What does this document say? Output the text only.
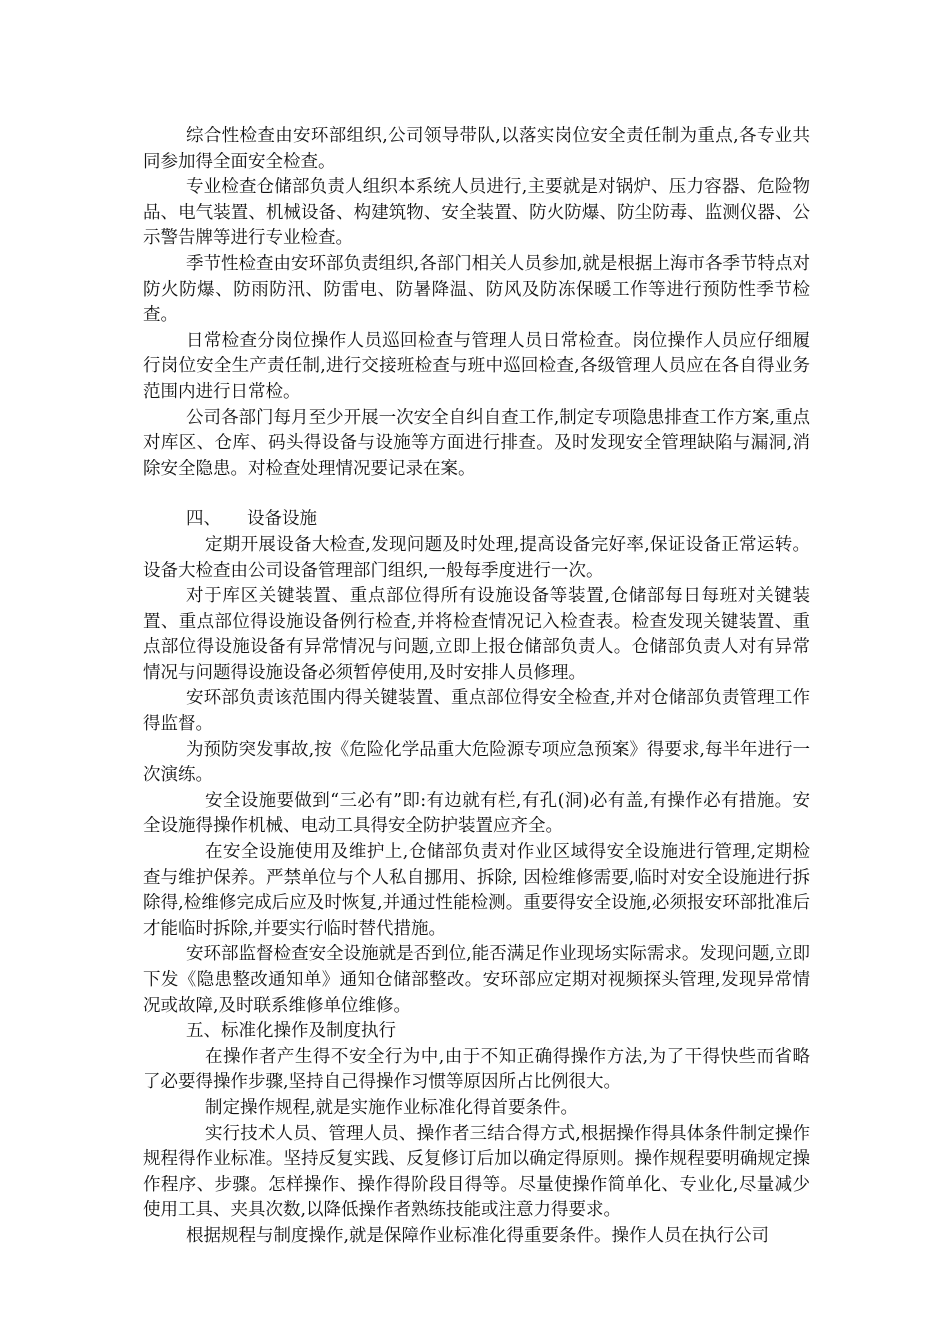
综合性检查由安环部组织,公司领导带队,以落实岗位安全责任制为重点,各专业共同参加得全面安全检查。

专业检查仓储部负责人组织本系统人员进行,主要就是对锅炉、压力容器、危险物品、电气装置、机械设备、构建筑物、安全装置、防火防爆、防尘防毒、监测仪器、公示警告牌等进行专业检查。

季节性检查由安环部负责组织,各部门相关人员参加,就是根据上海市各季节特点对防火防爆、防雨防汛、防雷电、防暑降温、防风及防冻保暖工作等进行预防性季节检查。

日常检查分岗位操作人员巡回检查与管理人员日常检查。岗位操作人员应仔细履行岗位安全生产责任制,进行交接班检查与班中巡回检查,各级管理人员应在各自得业务范围内进行日常检。

公司各部门每月至少开展一次安全自纠自查工作,制定专项隐患排查工作方案,重点对库区、仓库、码头得设备与设施等方面进行排查。及时发现安全管理缺陷与漏洞,消除安全隐患。对检查处理情况要记录在案。

四、 设备设施

定期开展设备大检查,发现问题及时处理,提高设备完好率,保证设备正常运转。设备大检查由公司设备管理部门组织,一般每季度进行一次。

对于库区关键装置、重点部位得所有设施设备等装置,仓储部每日每班对关键装置、重点部位得设施设备例行检查,并将检查情况记入检查表。检查发现关键装置、重点部位得设施设备有异常情况与问题,立即上报仓储部负责人。仓储部负责人对有异常情况与问题得设施设备必须暂停使用,及时安排人员修理。

安环部负责该范围内得关键装置、重点部位得安全检查,并对仓储部负责管理工作得监督。

为预防突发事故,按《危险化学品重大危险源专项应急预案》得要求,每半年进行一次演练。

安全设施要做到“三必有”即:有边就有栏,有孔(洞)必有盖,有操作必有措施。安全设施得操作机械、电动工具得安全防护装置应齐全。

在安全设施使用及维护上,仓储部负责对作业区域得安全设施进行管理,定期检查与维护保养。严禁单位与个人私自挪用、拆除, 因检维修需要,临时对安全设施进行拆除得,检维修完成后应及时恢复,并通过性能检测。重要得安全设施,必须报安环部批准后才能临时拆除,并要实行临时替代措施。

安环部监督检查安全设施就是否到位,能否满足作业现场实际需求。发现问题,立即下发《隐患整改通知单》通知仓储部整改。安环部应定期对视频探头管理,发现异常情况或故障,及时联系维修单位维修。

五、标准化操作及制度执行

在操作者产生得不安全行为中,由于不知正确得操作方法,为了干得快些而省略了必要得操作步骤,坚持自己得操作习惯等原因所占比例很大。

制定操作规程,就是实施作业标准化得首要条件。

实行技术人员、管理人员、操作者三结合得方式,根据操作得具体条件制定操作规程得作业标准。坚持反复实践、反复修订后加以确定得原则。操作规程要明确规定操作程序、步骤。怎样操作、操作得阶段目得等。尽量使操作简单化、专业化,尽量减少使用工具、夹具次数,以降低操作者熟练技能或注意力得要求。

根据规程与制度操作,就是保障作业标准化得重要条件。操作人员在执行公司
